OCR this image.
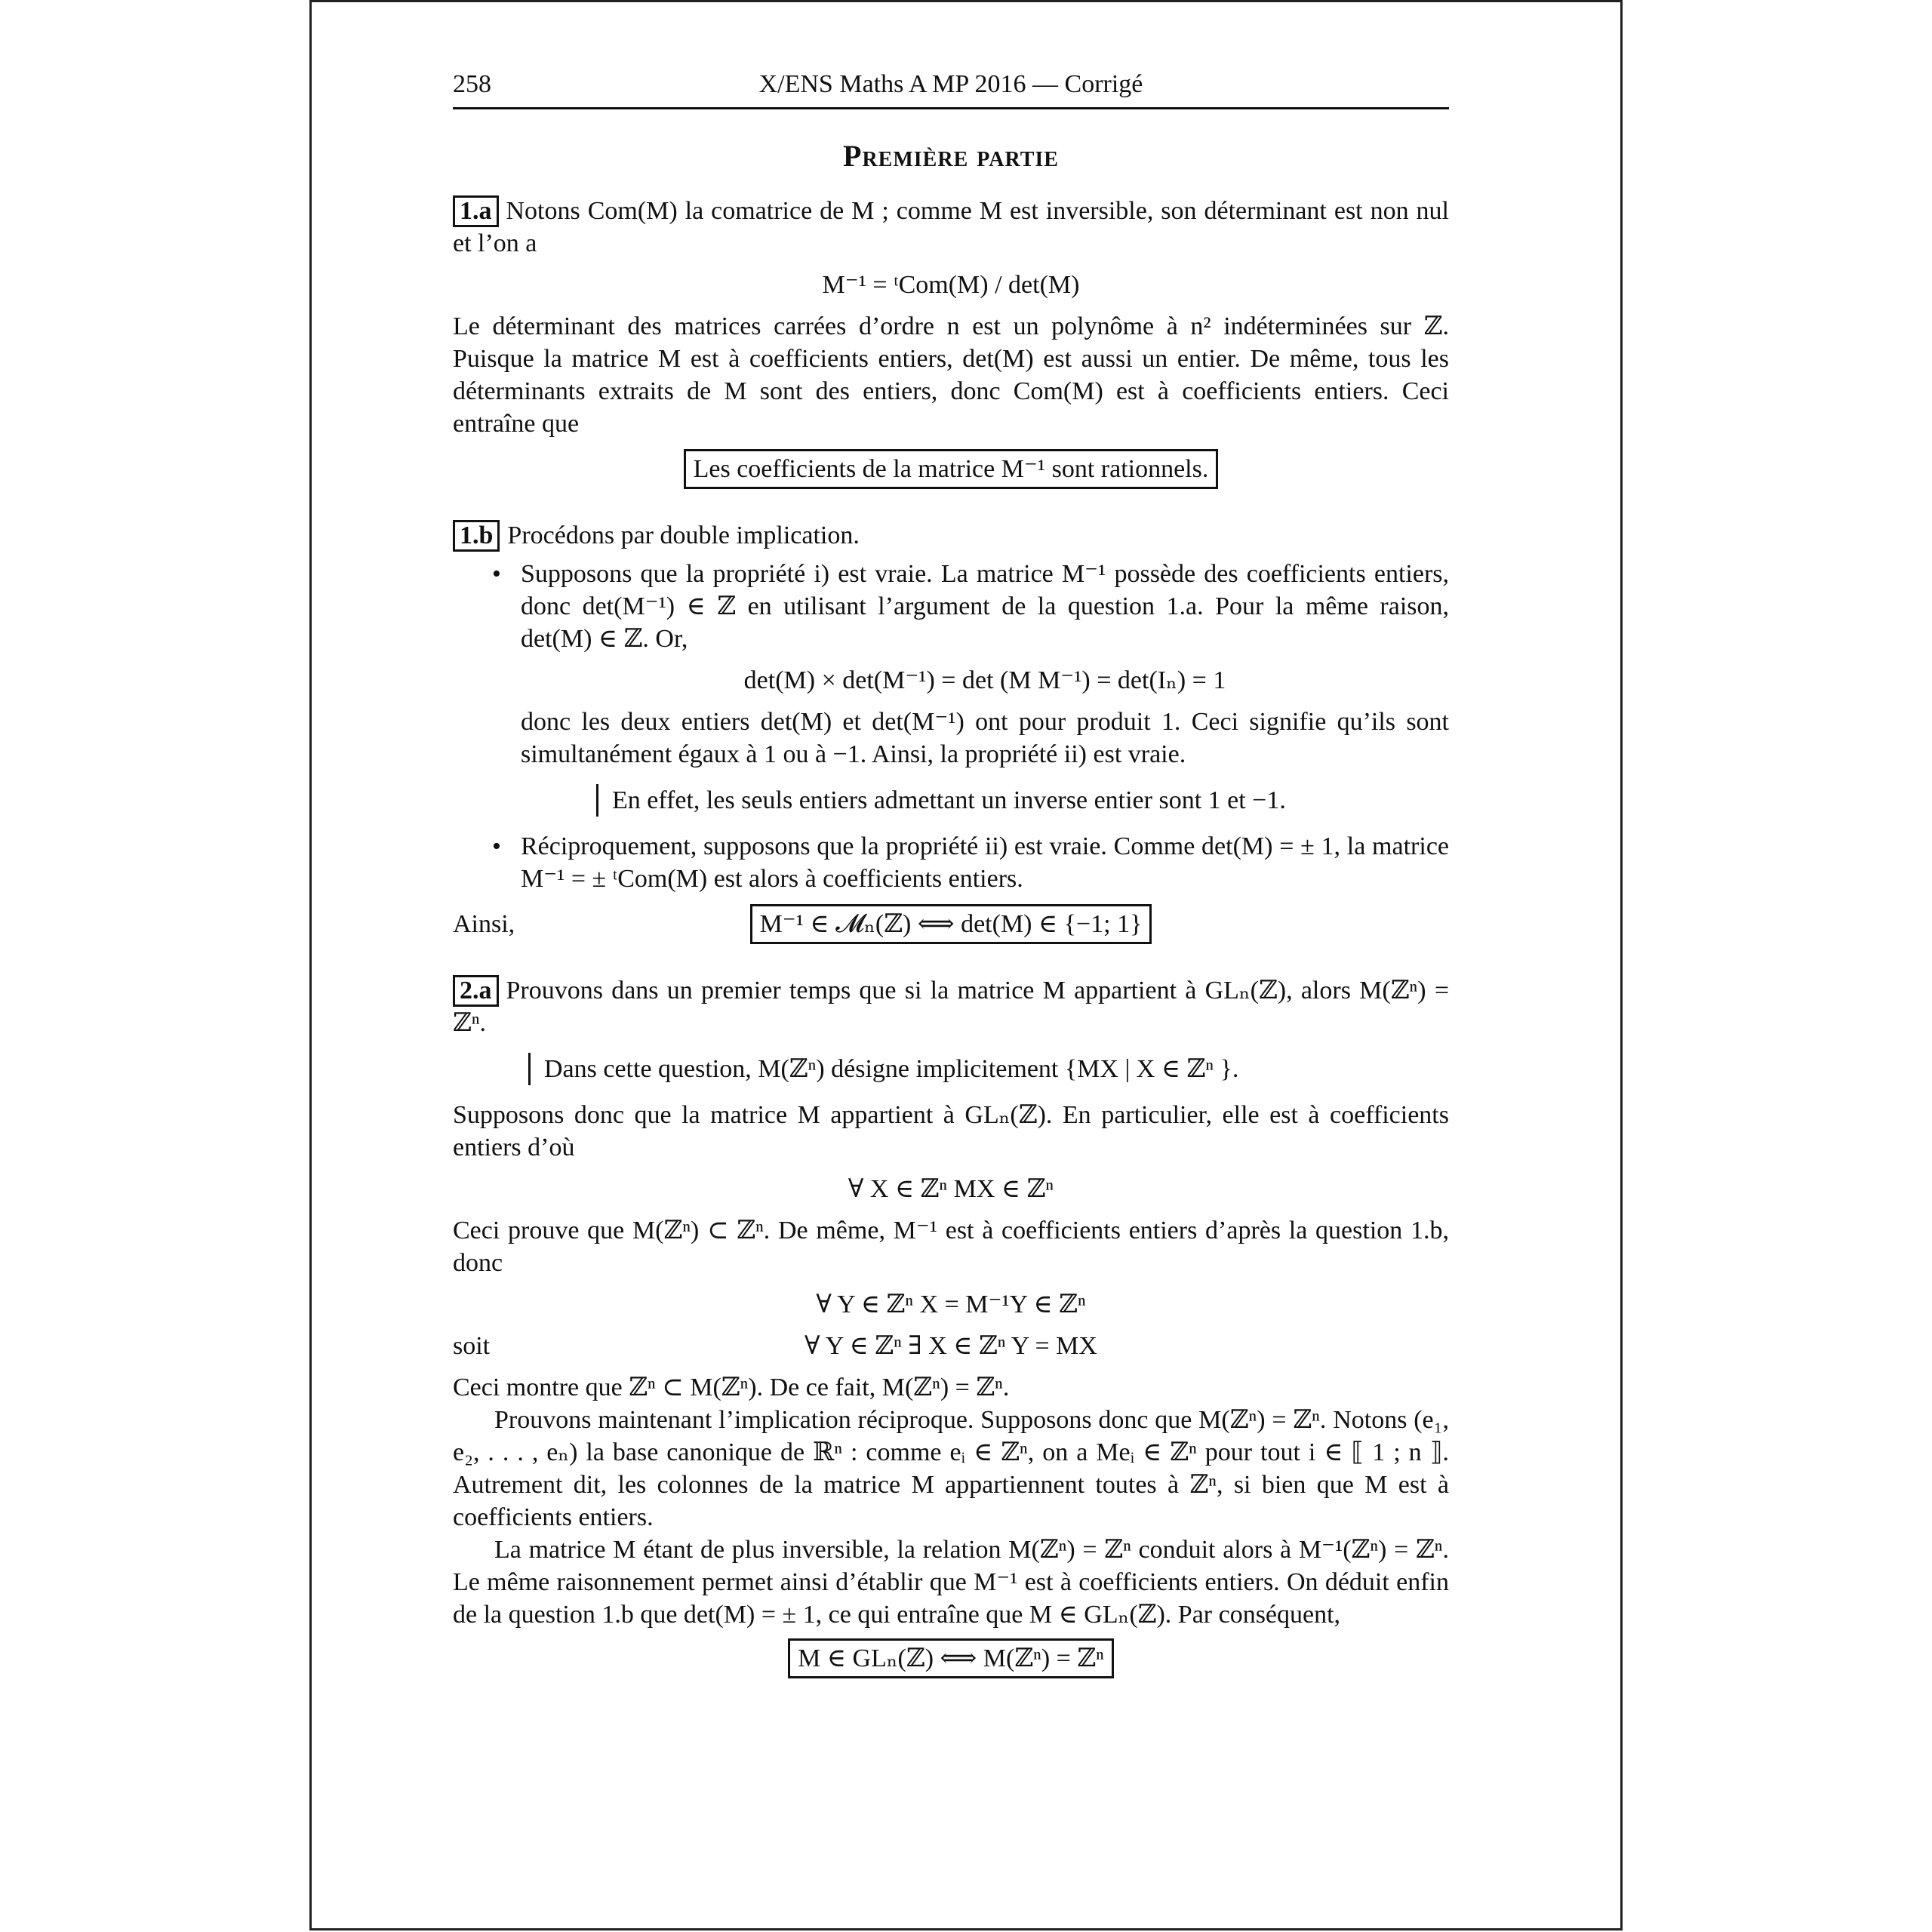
258	X/ENS Maths A MP 2016 — Corrigé
Première partie

1.a Notons Com(M) la comatrice de M ; comme M est inversible, son déterminant est non nul et l’on a

M⁻¹ = ᵗCom(M) / det(M)

Le déterminant des matrices carrées d’ordre n est un polynôme à n² indéterminées sur ℤ. Puisque la matrice M est à coefficients entiers, det(M) est aussi un entier. De même, tous les déterminants extraits de M sont des entiers, donc Com(M) est à coefficients entiers. Ceci entraîne que

Les coefficients de la matrice M⁻¹ sont rationnels.

1.b Procédons par double implication.

• Supposons que la propriété i) est vraie. La matrice M⁻¹ possède des coefficients entiers, donc det(M⁻¹) ∈ ℤ en utilisant l’argument de la question 1.a. Pour la même raison, det(M) ∈ ℤ. Or,
det(M) × det(M⁻¹) = det (M M⁻¹) = det(Iₙ) = 1
donc les deux entiers det(M) et det(M⁻¹) ont pour produit 1. Ceci signifie qu’ils sont simultanément égaux à 1 ou à −1. Ainsi, la propriété ii) est vraie.
En effet, les seuls entiers admettant un inverse entier sont 1 et −1.
• Réciproquement, supposons que la propriété ii) est vraie. Comme det(M) = ± 1, la matrice M⁻¹ = ± ᵗCom(M) est alors à coefficients entiers.
Ainsi,	M⁻¹ ∈ 𝓜ₙ(ℤ) ⟺ det(M) ∈ {−1; 1}

2.a Prouvons dans un premier temps que si la matrice M appartient à GLₙ(ℤ), alors M(ℤⁿ) = ℤⁿ.

Dans cette question, M(ℤⁿ) désigne implicitement {MX | X ∈ ℤⁿ }.

Supposons donc que la matrice M appartient à GLₙ(ℤ). En particulier, elle est à coefficients entiers d’où

∀ X ∈ ℤⁿ MX ∈ ℤⁿ

Ceci prouve que M(ℤⁿ) ⊂ ℤⁿ. De même, M⁻¹ est à coefficients entiers d’après la question 1.b, donc

∀ Y ∈ ℤⁿ X = M⁻¹Y ∈ ℤⁿ
soit	∀ Y ∈ ℤⁿ ∃ X ∈ ℤⁿ Y = MX

Ceci montre que ℤⁿ ⊂ M(ℤⁿ). De ce fait, M(ℤⁿ) = ℤⁿ.

Prouvons maintenant l’implication réciproque. Supposons donc que M(ℤⁿ) = ℤⁿ. Notons (e₁, e₂, . . . , eₙ) la base canonique de ℝⁿ : comme eᵢ ∈ ℤⁿ, on a Meᵢ ∈ ℤⁿ pour tout i ∈ ⟦ 1 ; n ⟧. Autrement dit, les colonnes de la matrice M appartiennent toutes à ℤⁿ, si bien que M est à coefficients entiers.

La matrice M étant de plus inversible, la relation M(ℤⁿ) = ℤⁿ conduit alors à M⁻¹(ℤⁿ) = ℤⁿ. Le même raisonnement permet ainsi d’établir que M⁻¹ est à coefficients entiers. On déduit enfin de la question 1.b que det(M) = ± 1, ce qui entraîne que M ∈ GLₙ(ℤ). Par conséquent,

M ∈ GLₙ(ℤ) ⟺ M(ℤⁿ) = ℤⁿ
